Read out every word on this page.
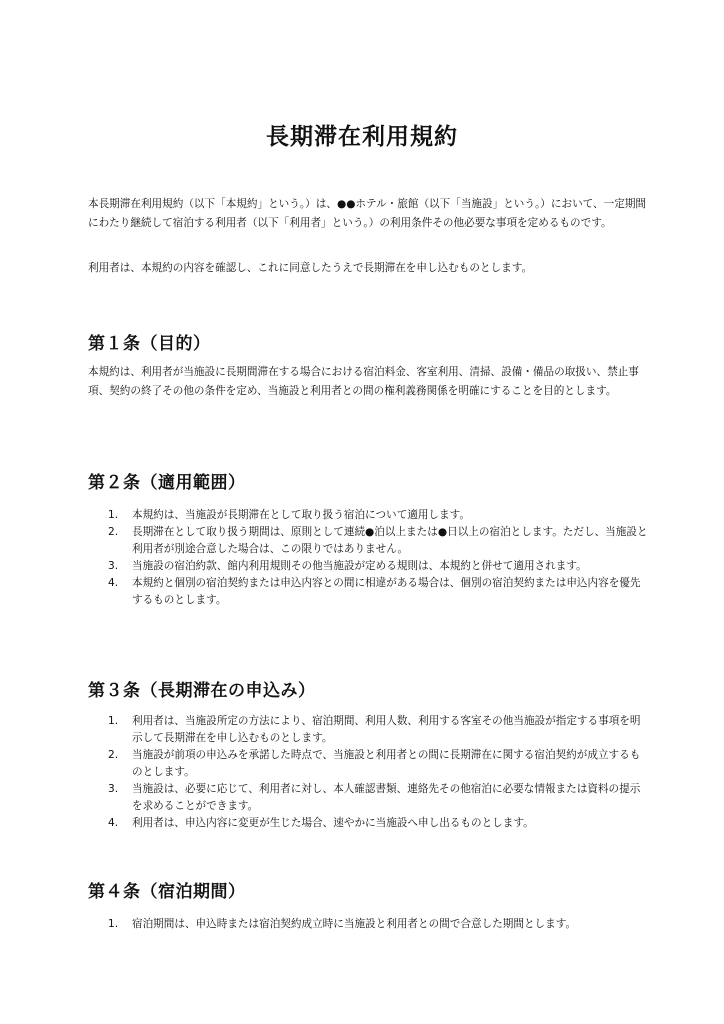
長期滞在利用規約

本長期滞在利用規約（以下「本規約」という。）は、●●ホテル・旅館（以下「当施設」という。）において、一定期間にわたり継続して宿泊する利用者（以下「利用者」という。）の利用条件その他必要な事項を定めるものです。

利用者は、本規約の内容を確認し、これに同意したうえで長期滞在を申し込むものとします。

第１条（目的）

本規約は、利用者が当施設に長期間滞在する場合における宿泊料金、客室利用、清掃、設備・備品の取扱い、禁止事項、契約の終了その他の条件を定め、当施設と利用者との間の権利義務関係を明確にすることを目的とします。

第２条（適用範囲）
1.	本規約は、当施設が長期滞在として取り扱う宿泊について適用します。
2.	長期滞在として取り扱う期間は、原則として連続●泊以上または●日以上の宿泊とします。ただし、当施設と利用者が別途合意した場合は、この限りではありません。
3.	当施設の宿泊約款、館内利用規則その他当施設が定める規則は、本規約と併せて適用されます。
4.	本規約と個別の宿泊契約または申込内容との間に相違がある場合は、個別の宿泊契約または申込内容を優先するものとします。
第３条（長期滞在の申込み）
1.	利用者は、当施設所定の方法により、宿泊期間、利用人数、利用する客室その他当施設が指定する事項を明示して長期滞在を申し込むものとします。
2.	当施設が前項の申込みを承諾した時点で、当施設と利用者との間に長期滞在に関する宿泊契約が成立するものとします。
3.	当施設は、必要に応じて、利用者に対し、本人確認書類、連絡先その他宿泊に必要な情報または資料の提示を求めることができます。
4.	利用者は、申込内容に変更が生じた場合、速やかに当施設へ申し出るものとします。
第４条（宿泊期間）
1.	宿泊期間は、申込時または宿泊契約成立時に当施設と利用者との間で合意した期間とします。
